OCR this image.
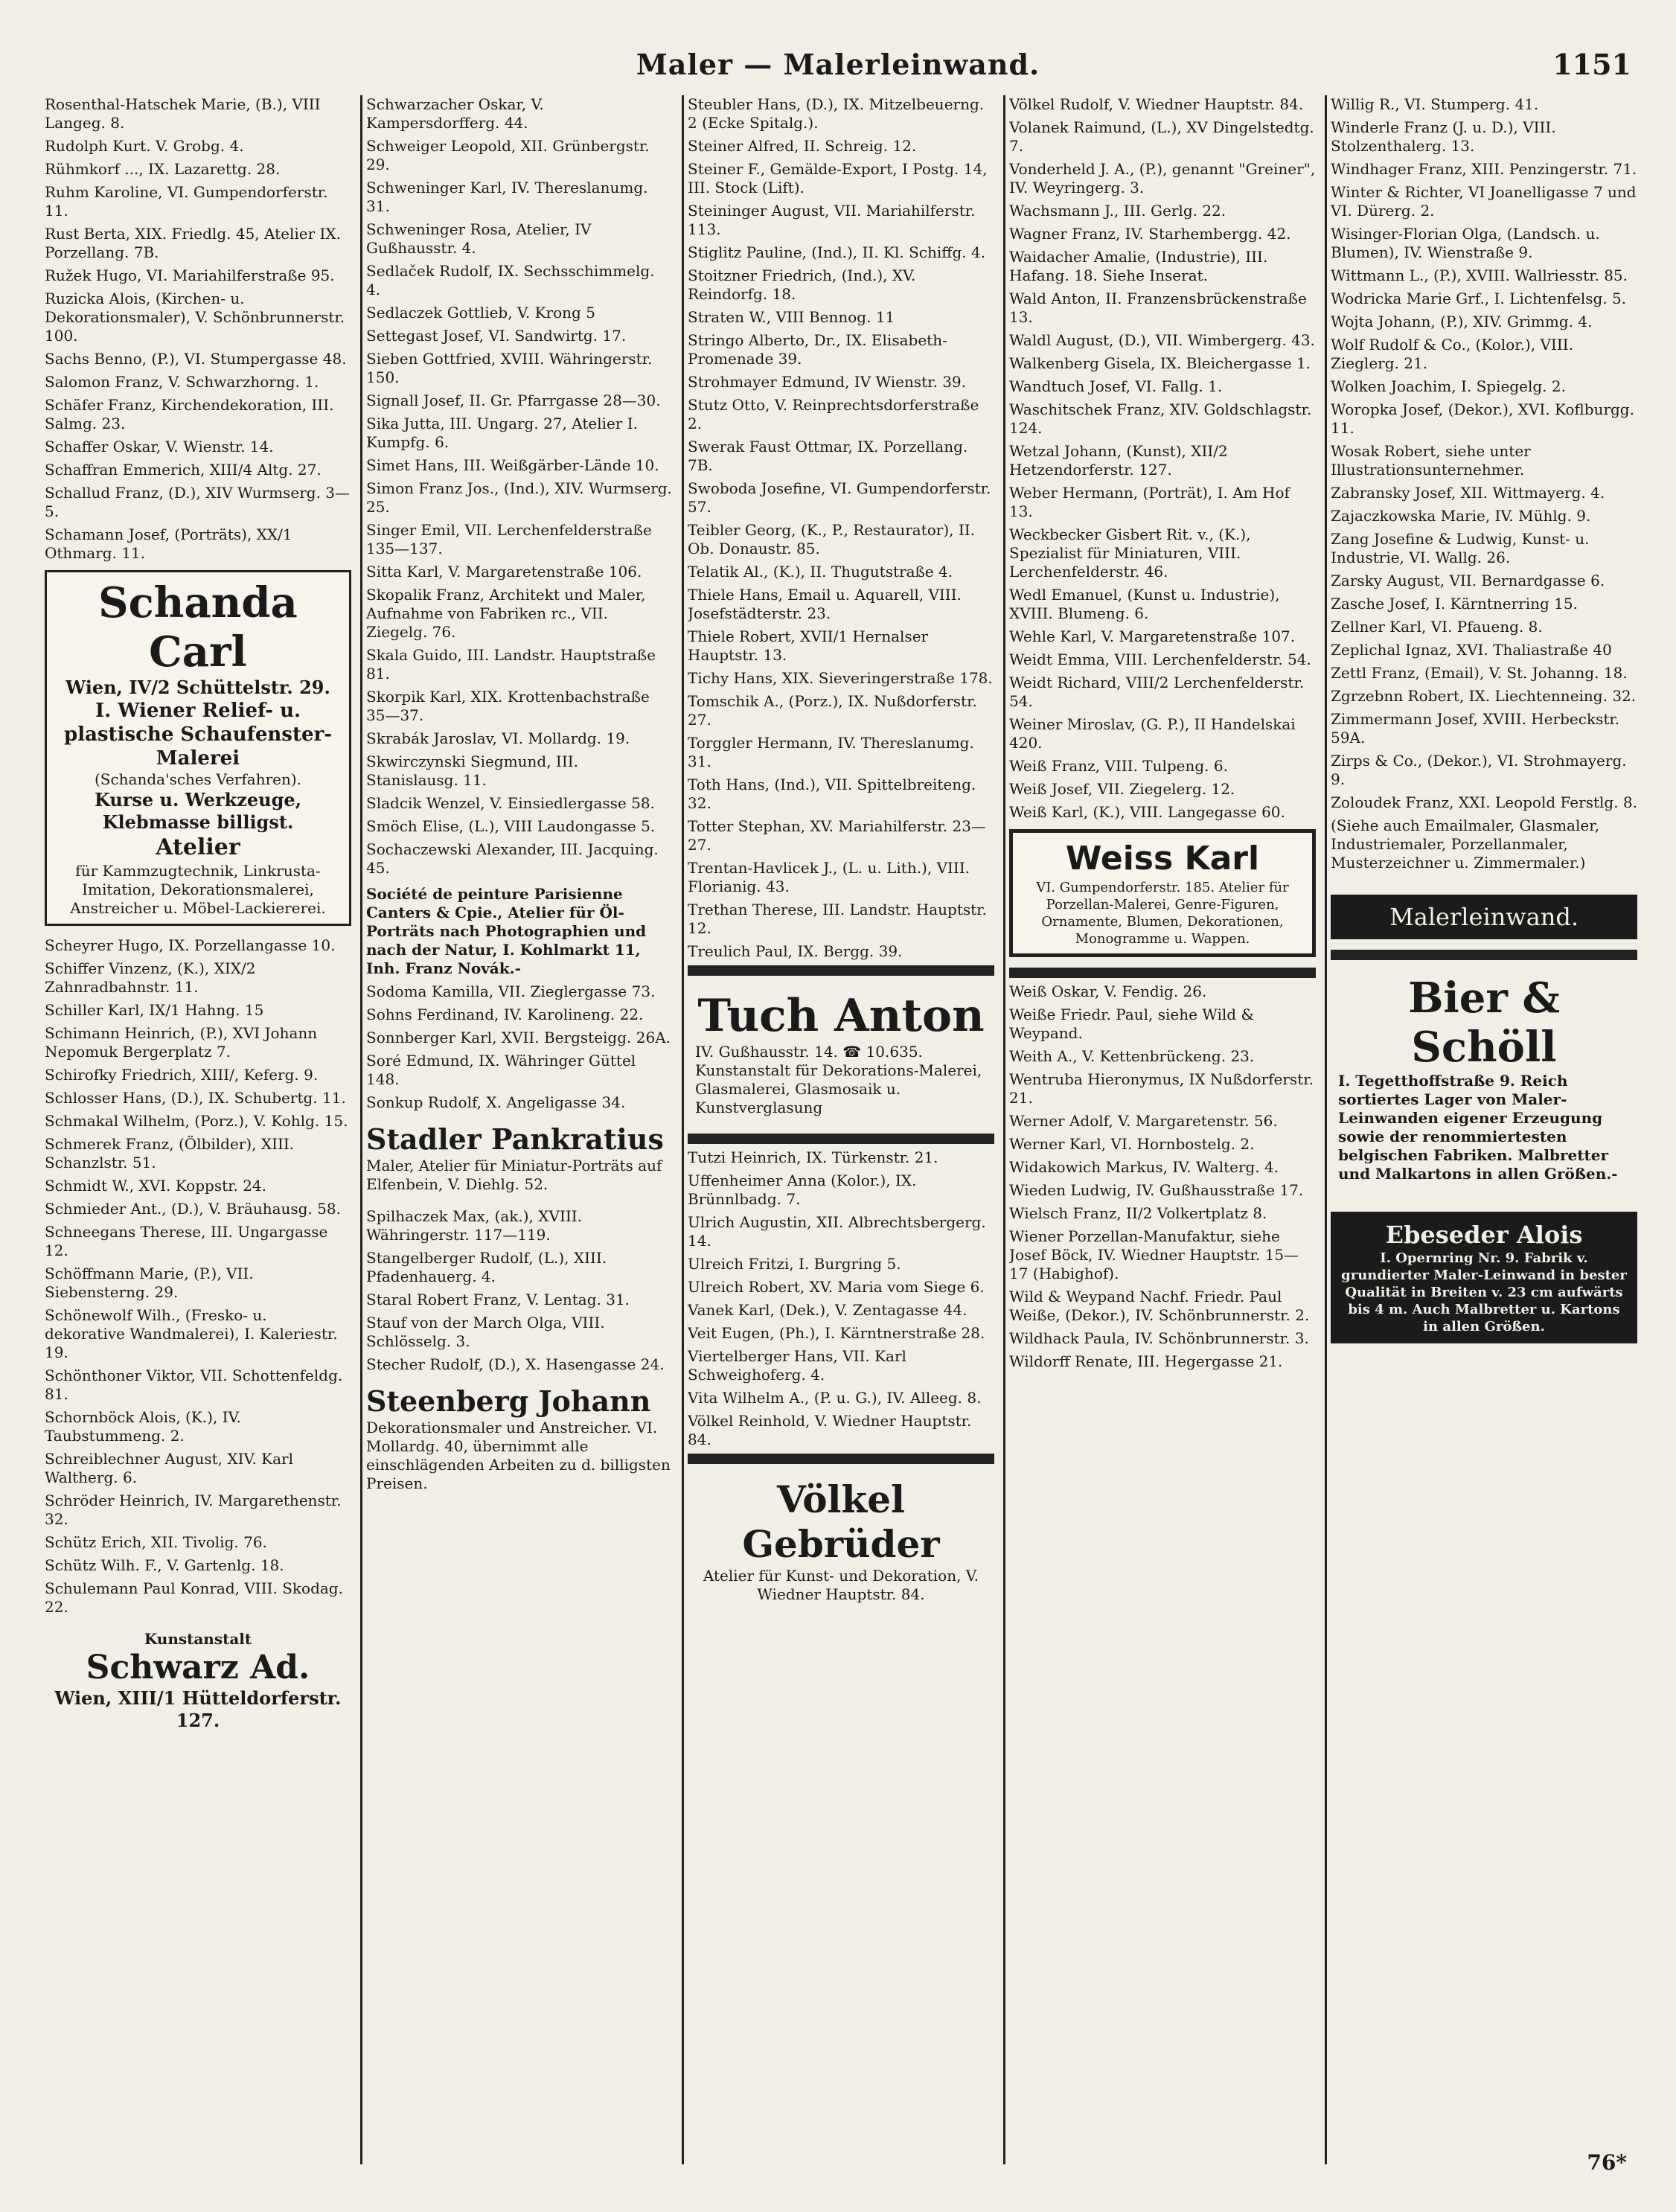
Maler — Malerleinwand.	1151
Rosenthal-Hatschek Marie, (B.), VIII Langeg. 8.
Rudolph Kurt. V. Grobg. 4.
Rühmkorf ..., IX. Lazarettg. 28.
Ruhm Karoline, VI. Gumpendorferstr. 11.
Rust Berta, XIX. Friedlg. 45, Atelier IX. Porzellang. 7B.
Ružek Hugo, VI. Mariahilferstraße 95.
Ruzicka Alois, (Kirchen- u. Dekorationsmaler), V. Schönbrunnerstr. 100.
Sachs Benno, (P.), VI. Stumpergasse 48.
Salomon Franz, V. Schwarzhorng. 1.
Schäfer Franz, Kirchendekoration, III. Salmg. 23.
Schaffer Oskar, V. Wienstr. 14.
Schaffran Emmerich, XIII/4 Altg. 27.
Schallud Franz, (D.), XIV Wurmserg. 3—5.
Schamann Josef, (Porträts), XX/1 Othmarg. 11.
Schanda Carl
Wien, IV/2 Schüttelstr. 29.
I. Wiener Relief- u. plastische Schaufenster-Malerei
(Schanda'sches Verfahren).
Kurse u. Werkzeuge, Klebmasse billigst.
Atelier
für Kammzugtechnik, Linkrusta-Imitation, Dekorationsmalerei, Anstreicher u. Möbel-Lackiererei.
Scheyrer Hugo, IX. Porzellangasse 10.
Schiffer Vinzenz, (K.), XIX/2 Zahnradbahnstr. 11.
Schiller Karl, IX/1 Hahng. 15
Schimann Heinrich, (P.), XVI Johann Nepomuk Bergerplatz 7.
Schirofky Friedrich, XIII/, Keferg. 9.
Schlosser Hans, (D.), IX. Schubertg. 11.
Schmakal Wilhelm, (Porz.), V. Kohlg. 15.
Schmerek Franz, (Ölbilder), XIII. Schanzlstr. 51.
Schmidt W., XVI. Koppstr. 24.
Schmieder Ant., (D.), V. Bräuhausg. 58.
Schneegans Therese, III. Ungargasse 12.
Schöffmann Marie, (P.), VII. Siebensterng. 29.
Schönewolf Wilh., (Fresko- u. dekorative Wandmalerei), I. Kaleriestr. 19.
Schönthoner Viktor, VII. Schottenfeldg. 81.
Schornböck Alois, (K.), IV. Taubstummeng. 2.
Schreiblechner August, XIV. Karl Waltherg. 6.
Schröder Heinrich, IV. Margarethenstr. 32.
Schütz Erich, XII. Tivolig. 76.
Schütz Wilh. F., V. Gartenlg. 18.
Schulemann Paul Konrad, VIII. Skodag. 22.
Kunstanstalt
Schwarz Ad.
Wien, XIII/1 Hütteldorferstr. 127.
Schwarzacher Oskar, V. Kampersdorfferg. 44.
Schweiger Leopold, XII. Grünbergstr. 29.
Schweninger Karl, IV. Thereslanumg. 31.
Schweninger Rosa, Atelier, IV Gußhausstr. 4.
Sedlaček Rudolf, IX. Sechsschimmelg. 4.
Sedlaczek Gottlieb, V. Krong 5
Settegast Josef, VI. Sandwirtg. 17.
Sieben Gottfried, XVIII. Währingerstr. 150.
Signall Josef, II. Gr. Pfarrgasse 28—30.
Sika Jutta, III. Ungarg. 27, Atelier I. Kumpfg. 6.
Simet Hans, III. Weißgärber-Lände 10.
Simon Franz Jos., (Ind.), XIV. Wurmserg. 25.
Singer Emil, VII. Lerchenfelderstraße 135—137.
Sitta Karl, V. Margaretenstraße 106.
Skopalik Franz, Architekt und Maler, Aufnahme von Fabriken rc., VII. Ziegelg. 76.
Skala Guido, III. Landstr. Hauptstraße 81.
Skorpik Karl, XIX. Krottenbachstraße 35—37.
Skrabák Jaroslav, VI. Mollardg. 19.
Skwirczynski Siegmund, III. Stanislausg. 11.
Sladcik Wenzel, V. Einsiedlergasse 58.
Smöch Elise, (L.), VIII Laudongasse 5.
Sochaczewski Alexander, III. Jacquing. 45.
Société de peinture Parisienne Canters & Cpie., Atelier für Öl-Porträts nach Photographien und nach der Natur, I. Kohlmarkt 11, Inh. Franz Novák.-
Sodoma Kamilla, VII. Zieglergasse 73.
Sohns Ferdinand, IV. Karolineng. 22.
Sonnberger Karl, XVII. Bergsteigg. 26A.
Soré Edmund, IX. Währinger Güttel 148.
Sonkup Rudolf, X. Angeligasse 34.
Stadler Pankratius
Maler, Atelier für Miniatur-Porträts auf Elfenbein, V. Diehlg. 52.
Spilhaczek Max, (ak.), XVIII. Währingerstr. 117—119.
Stangelberger Rudolf, (L.), XIII. Pfadenhauerg. 4.
Staral Robert Franz, V. Lentag. 31.
Stauf von der March Olga, VIII. Schlösselg. 3.
Stecher Rudolf, (D.), X. Hasengasse 24.
Steenberg Johann
Dekorationsmaler und Anstreicher. VI. Mollardg. 40, übernimmt alle einschlägenden Arbeiten zu d. billigsten Preisen.
Steubler Hans, (D.), IX. Mitzelbeuerng. 2 (Ecke Spitalg.).
Steiner Alfred, II. Schreig. 12.
Steiner F., Gemälde-Export, I Postg. 14, III. Stock (Lift).
Steininger August, VII. Mariahilferstr. 113.
Stiglitz Pauline, (Ind.), II. Kl. Schiffg. 4.
Stoitzner Friedrich, (Ind.), XV. Reindorfg. 18.
Straten W., VIII Bennog. 11
Stringo Alberto, Dr., IX. Elisabeth-Promenade 39.
Strohmayer Edmund, IV Wienstr. 39.
Stutz Otto, V. Reinprechtsdorferstraße 2.
Swerak Faust Ottmar, IX. Porzellang. 7B.
Swoboda Josefine, VI. Gumpendorferstr. 57.
Teibler Georg, (K., P., Restaurator), II. Ob. Donaustr. 85.
Telatik Al., (K.), II. Thugutstraße 4.
Thiele Hans, Email u. Aquarell, VIII. Josefstädterstr. 23.
Thiele Robert, XVII/1 Hernalser Hauptstr. 13.
Tichy Hans, XIX. Sieveringerstraße 178.
Tomschik A., (Porz.), IX. Nußdorferstr. 27.
Torggler Hermann, IV. Thereslanumg. 31.
Toth Hans, (Ind.), VII. Spittelbreiteng. 32.
Totter Stephan, XV. Mariahilferstr. 23—27.
Trentan-Havlicek J., (L. u. Lith.), VIII. Florianig. 43.
Trethan Therese, III. Landstr. Hauptstr. 12.
Treulich Paul, IX. Bergg. 39.
Tuch Anton
IV. Gußhausstr. 14. ☎ 10.635.
Kunstanstalt für Dekorations-Malerei, Glasmalerei, Glasmosaik u. Kunstverglasung
Tutzi Heinrich, IX. Türkenstr. 21.
Uffenheimer Anna (Kolor.), IX. Brünnlbadg. 7.
Ulrich Augustin, XII. Albrechtsbergerg. 14.
Ulreich Fritzi, I. Burgring 5.
Ulreich Robert, XV. Maria vom Siege 6.
Vanek Karl, (Dek.), V. Zentagasse 44.
Veit Eugen, (Ph.), I. Kärntnerstraße 28.
Viertelberger Hans, VII. Karl Schweighoferg. 4.
Vita Wilhelm A., (P. u. G.), IV. Alleeg. 8.
Völkel Reinhold, V. Wiedner Hauptstr. 84.
Völkel Gebrüder
Atelier für Kunst- und Dekoration, V. Wiedner Hauptstr. 84.
Völkel Rudolf, V. Wiedner Hauptstr. 84.
Volanek Raimund, (L.), XV Dingelstedtg. 7.
Vonderheld J. A., (P.), genannt "Greiner", IV. Weyringerg. 3.
Wachsmann J., III. Gerlg. 22.
Wagner Franz, IV. Starhembergg. 42.
Waidacher Amalie, (Industrie), III. Hafang. 18. Siehe Inserat.
Wald Anton, II. Franzensbrückenstraße 13.
Waldl August, (D.), VII. Wimbergerg. 43.
Walkenberg Gisela, IX. Bleichergasse 1.
Wandtuch Josef, VI. Fallg. 1.
Waschitschek Franz, XIV. Goldschlagstr. 124.
Wetzal Johann, (Kunst), XII/2 Hetzendorferstr. 127.
Weber Hermann, (Porträt), I. Am Hof 13.
Weckbecker Gisbert Rit. v., (K.), Spezialist für Miniaturen, VIII. Lerchenfelderstr. 46.
Wedl Emanuel, (Kunst u. Industrie), XVIII. Blumeng. 6.
Wehle Karl, V. Margaretenstraße 107.
Weidt Emma, VIII. Lerchenfelderstr. 54.
Weidt Richard, VIII/2 Lerchenfelderstr. 54.
Weiner Miroslav, (G. P.), II Handelskai 420.
Weiß Franz, VIII. Tulpeng. 6.
Weiß Josef, VII. Ziegelerg. 12.
Weiß Karl, (K.), VIII. Langegasse 60.
Weiss Karl
VI. Gumpendorferstr. 185. Atelier für Porzellan-Malerei, Genre-Figuren, Ornamente, Blumen, Dekorationen, Monogramme u. Wappen.
Weiß Oskar, V. Fendig. 26.
Weiße Friedr. Paul, siehe Wild & Weypand.
Weith A., V. Kettenbrückeng. 23.
Wentruba Hieronymus, IX Nußdorferstr. 21.
Werner Adolf, V. Margaretenstr. 56.
Werner Karl, VI. Hornbostelg. 2.
Widakowich Markus, IV. Walterg. 4.
Wieden Ludwig, IV. Gußhausstraße 17.
Wielsch Franz, II/2 Volkertplatz 8.
Wiener Porzellan-Manufaktur, siehe Josef Böck, IV. Wiedner Hauptstr. 15—17 (Habighof).
Wild & Weypand Nachf. Friedr. Paul Weiße, (Dekor.), IV. Schönbrunnerstr. 2.
Wildhack Paula, IV. Schönbrunnerstr. 3.
Wildorff Renate, III. Hegergasse 21.
Willig R., VI. Stumperg. 41.
Winderle Franz (J. u. D.), VIII. Stolzenthalerg. 13.
Windhager Franz, XIII. Penzingerstr. 71.
Winter & Richter, VI Joanelligasse 7 und VI. Dürerg. 2.
Wisinger-Florian Olga, (Landsch. u. Blumen), IV. Wienstraße 9.
Wittmann L., (P.), XVIII. Wallriesstr. 85.
Wodricka Marie Grf., I. Lichtenfelsg. 5.
Wojta Johann, (P.), XIV. Grimmg. 4.
Wolf Rudolf & Co., (Kolor.), VIII. Zieglerg. 21.
Wolken Joachim, I. Spiegelg. 2.
Woropka Josef, (Dekor.), XVI. Koflburgg. 11.
Wosak Robert, siehe unter Illustrationsunternehmer.
Zabransky Josef, XII. Wittmayerg. 4.
Zajaczkowska Marie, IV. Mühlg. 9.
Zang Josefine & Ludwig, Kunst- u. Industrie, VI. Wallg. 26.
Zarsky August, VII. Bernardgasse 6.
Zasche Josef, I. Kärntnerring 15.
Zellner Karl, VI. Pfaueng. 8.
Zeplichal Ignaz, XVI. Thaliastraße 40
Zettl Franz, (Email), V. St. Johanng. 18.
Zgrzebnn Robert, IX. Liechtenneing. 32.
Zimmermann Josef, XVIII. Herbeckstr. 59A.
Zirps & Co., (Dekor.), VI. Strohmayerg. 9.
Zoloudek Franz, XXI. Leopold Ferstlg. 8.
(Siehe auch Emailmaler, Glasmaler, Industriemaler, Porzellanmaler, Musterzeichner u. Zimmermaler.)
Malerleinwand.
Bier & Schöll
I. Tegetthoffstraße 9. Reich sortiertes Lager von Maler-Leinwanden eigener Erzeugung sowie der renommiertesten belgischen Fabriken. Malbretter und Malkartons in allen Größen.-
Ebeseder Alois
I. Opernring Nr. 9. Fabrik v. grundierter Maler-Leinwand in bester Qualität in Breiten v. 23 cm aufwärts bis 4 m. Auch Malbretter u. Kartons in allen Größen.
76*
